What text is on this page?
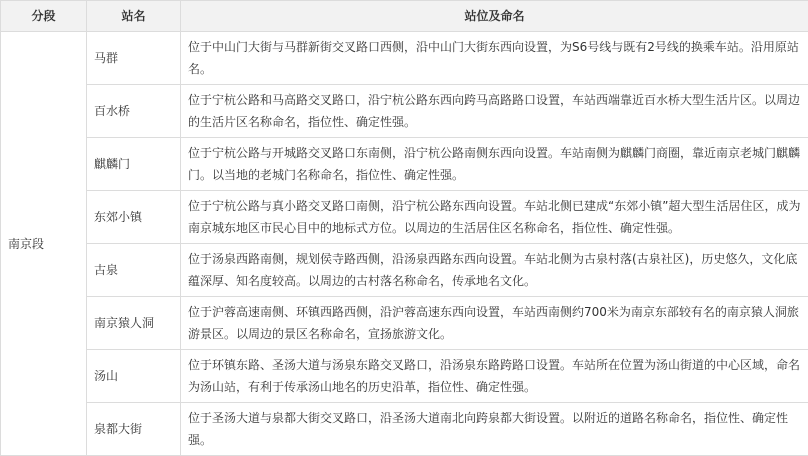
分段	站名	站位及命名
南京段	马群	位于中山门大街与马群新街交叉路口西侧，沿中山门大街东西向设置，为S6号线与既有2号线的换乘车站。沿用原站名。
	百水桥	位于宁杭公路和马高路交叉路口，沿宁杭公路东西向跨马高路路口设置，车站西端靠近百水桥大型生活片区。以周边的生活片区名称命名，指位性、确定性强。
	麒麟门	位于宁杭公路与开城路交叉路口东南侧，沿宁杭公路南侧东西向设置。车站南侧为麒麟门商圈，靠近南京老城门麒麟门。以当地的老城门名称命名，指位性、确定性强。
	东郊小镇	位于宁杭公路与真小路交叉路口南侧，沿宁杭公路东西向设置。车站北侧已建成“东郊小镇”超大型生活居住区，成为南京城东地区市民心目中的地标式方位。以周边的生活居住区名称命名，指位性、确定性强。
	古泉	位于汤泉西路南侧，规划侯寺路西侧，沿汤泉西路东西向设置。车站北侧为古泉村落(古泉社区)，历史悠久，文化底蕴深厚、知名度较高。以周边的古村落名称命名，传承地名文化。
	南京猿人洞	位于沪蓉高速南侧、环镇西路西侧，沿沪蓉高速东西向设置，车站西南侧约700米为南京东部较有名的南京猿人洞旅游景区。以周边的景区名称命名，宣扬旅游文化。
	汤山	位于环镇东路、圣汤大道与汤泉东路交叉路口，沿汤泉东路跨路口设置。车站所在位置为汤山街道的中心区域，命名为汤山站，有利于传承汤山地名的历史沿革，指位性、确定性强。
	泉都大街	位于圣汤大道与泉都大街交叉路口，沿圣汤大道南北向跨泉都大街设置。以附近的道路名称命名，指位性、确定性强。
